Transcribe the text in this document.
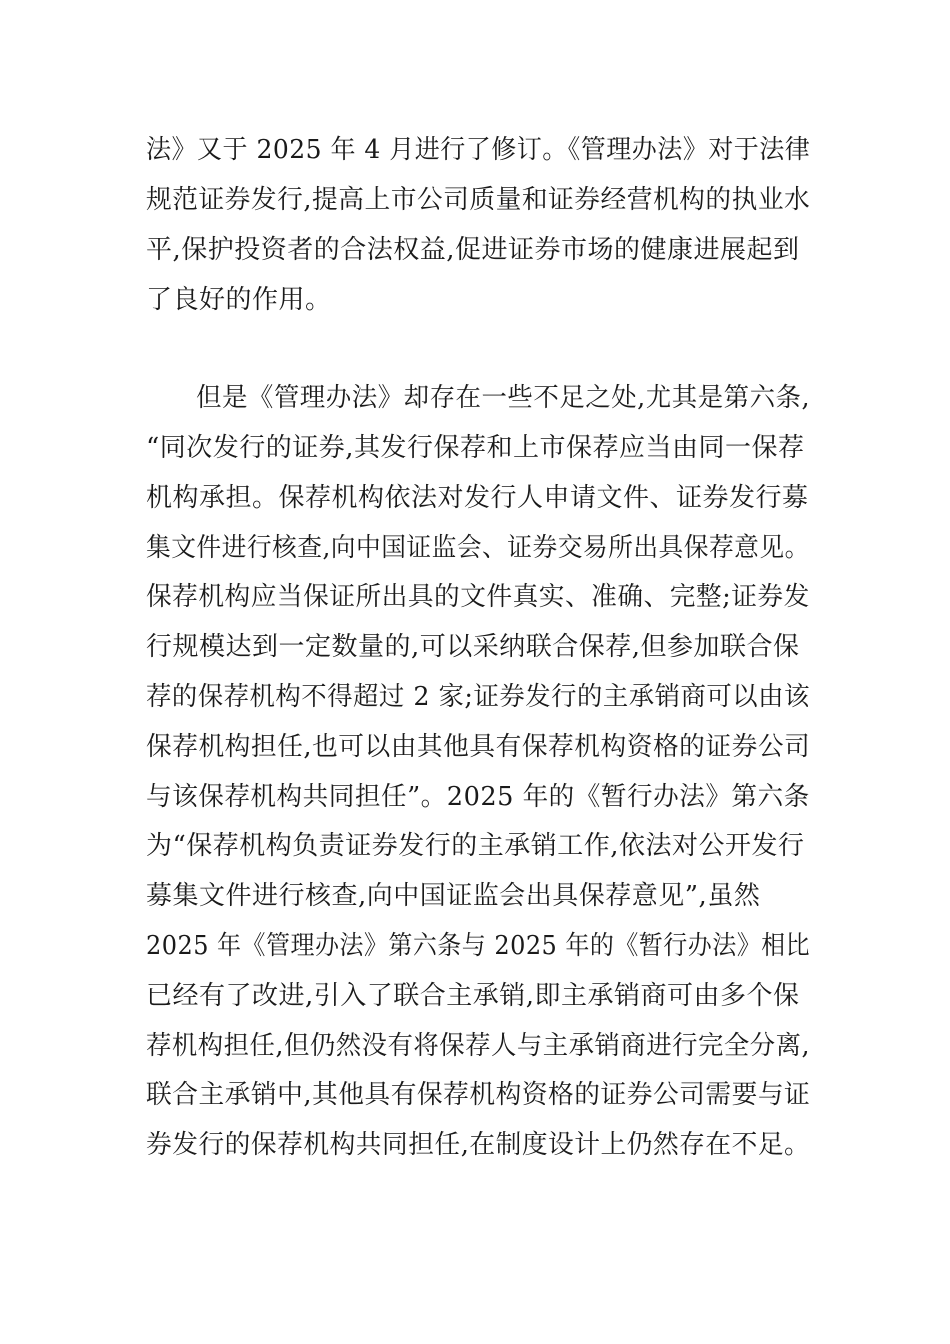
法》又于 2025 年 4 月进行了修订。《管理办法》对于法律

规范证券发行,提高上市公司质量和证券经营机构的执业水

平,保护投资者的合法权益,促进证券市场的健康进展起到

了良好的作用。

但是《管理办法》却存在一些不足之处,尤其是第六条,

“同次发行的证券,其发行保荐和上市保荐应当由同一保荐

机构承担。保荐机构依法对发行人申请文件、证券发行募

集文件进行核查,向中国证监会、证券交易所出具保荐意见。

保荐机构应当保证所出具的文件真实、准确、完整;证券发

行规模达到一定数量的,可以采纳联合保荐,但参加联合保

荐的保荐机构不得超过 2 家;证券发行的主承销商可以由该

保荐机构担任,也可以由其他具有保荐机构资格的证券公司

与该保荐机构共同担任”。2025 年的《暂行办法》第六条

为“保荐机构负责证券发行的主承销工作,依法对公开发行

募集文件进行核查,向中国证监会出具保荐意见”,虽然

2025 年《管理办法》第六条与 2025 年的《暂行办法》相比

已经有了改进,引入了联合主承销,即主承销商可由多个保

荐机构担任,但仍然没有将保荐人与主承销商进行完全分离,

联合主承销中,其他具有保荐机构资格的证券公司需要与证

券发行的保荐机构共同担任,在制度设计上仍然存在不足。
